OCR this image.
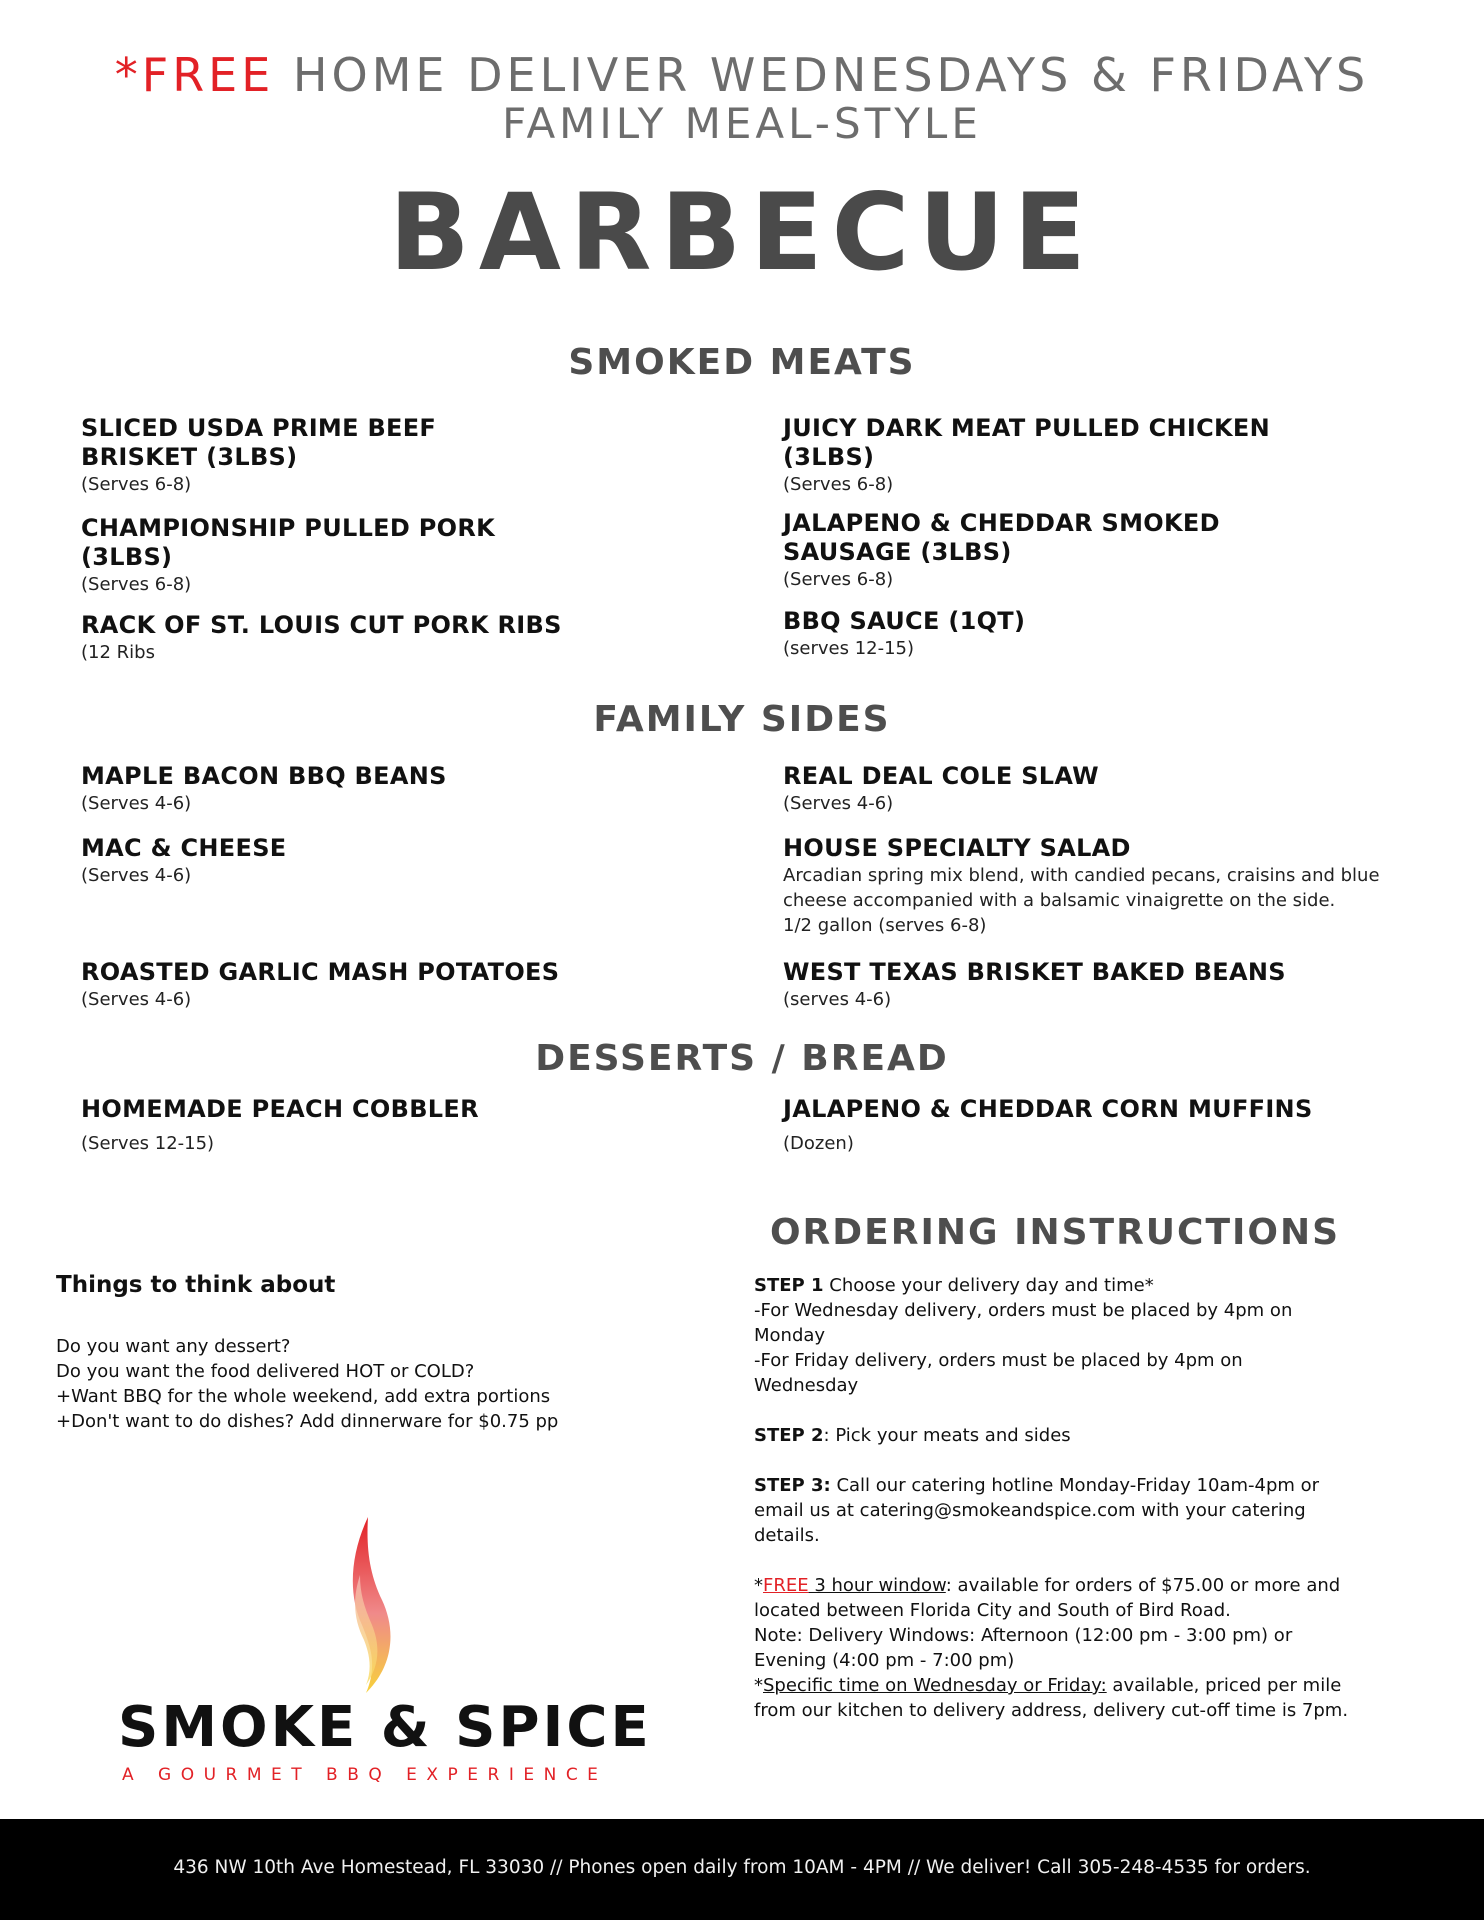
*FREE HOME DELIVER WEDNESDAYS & FRIDAYS
FAMILY MEAL-STYLE
BARBECUE
SMOKED MEATS
SLICED USDA PRIME BEEF BRISKET (3LBS)
(Serves 6-8)
CHAMPIONSHIP PULLED PORK (3LBS)
(Serves 6-8)
RACK OF ST. LOUIS CUT PORK RIBS
(12 Ribs
JUICY DARK MEAT PULLED CHICKEN (3LBS)
(Serves 6-8)
JALAPENO & CHEDDAR SMOKED SAUSAGE (3LBS)
(Serves 6-8)
BBQ SAUCE (1QT)
(serves 12-15)
FAMILY SIDES
MAPLE BACON BBQ BEANS
(Serves 4-6)
MAC & CHEESE
(Serves 4-6)
ROASTED GARLIC MASH POTATOES
(Serves 4-6)
REAL DEAL COLE SLAW
(Serves 4-6)
HOUSE SPECIALTY SALAD
Arcadian spring mix blend, with candied pecans, craisins and blue cheese accompanied with a balsamic vinaigrette on the side.
1/2 gallon (serves 6-8)
WEST TEXAS BRISKET BAKED BEANS
(serves 4-6)
DESSERTS / BREAD
HOMEMADE PEACH COBBLER
(Serves 12-15)
JALAPENO & CHEDDAR CORN MUFFINS
(Dozen)
Things to think about
Do you want any dessert?
Do you want the food delivered HOT or COLD?
+Want BBQ for the whole weekend, add extra portions
+Don't want to do dishes? Add dinnerware for $0.75 pp
ORDERING INSTRUCTIONS
STEP 1 Choose your delivery day and time*
-For Wednesday delivery, orders must be placed by 4pm on Monday
-For Friday delivery, orders must be placed by 4pm on Wednesday
STEP 2: Pick your meats and sides
STEP 3: Call our catering hotline Monday-Friday 10am-4pm or email us at catering@smokeandspice.com with your catering details.
*FREE 3 hour window: available for orders of $75.00 or more and located between Florida City and South of Bird Road.
Note: Delivery Windows: Afternoon (12:00 pm - 3:00 pm) or Evening (4:00 pm - 7:00 pm)
*Specific time on Wednesday or Friday: available, priced per mile from our kitchen to delivery address, delivery cut-off time is 7pm.
SMOKE & SPICE
A GOURMET BBQ EXPERIENCE
436 NW 10th Ave Homestead, FL 33030 // Phones open daily from 10AM - 4PM // We deliver! Call 305-248-4535 for orders.
